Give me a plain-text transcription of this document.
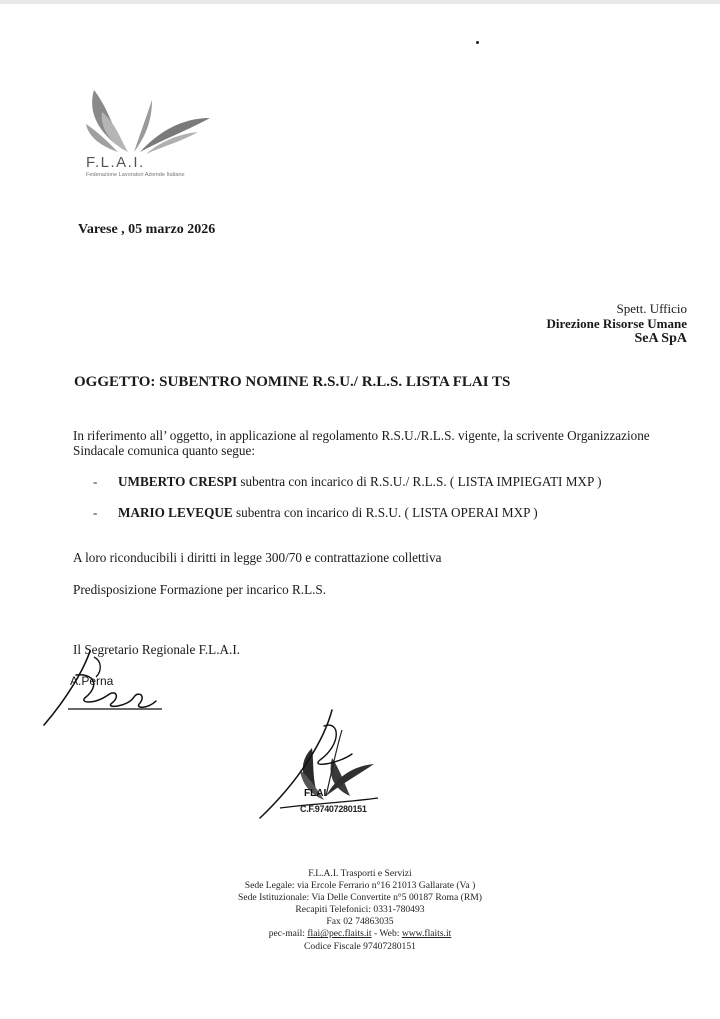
F.L.A.I.
Federazione Lavoratori Aziende Italiane
Varese , 05 marzo 2026
Spett. Ufficio
Direzione Risorse Umane
SeA SpA
OGGETTO: SUBENTRO NOMINE R.S.U./ R.L.S. LISTA FLAI TS
In riferimento all’ oggetto, in applicazione al regolamento R.S.U./R.L.S. vigente, la scrivente Organizzazione
Sindacale comunica quanto segue:
- UMBERTO CRESPI subentra con incarico di R.S.U./ R.L.S. ( LISTA IMPIEGATI MXP )
- MARIO LEVEQUE subentra con incarico di R.S.U. ( LISTA OPERAI MXP )
A loro riconducibili i diritti in legge 300/70 e contrattazione collettiva
Predisposizione Formazione per incarico R.L.S.
Il Segretario Regionale F.L.A.I.
A.Perna
FLAI
C.F.97407280151
F.L.A.I. Trasporti e Servizi
Sede Legale: via Ercole Ferrario n°16 21013 Gallarate (Va )
Sede Istituzionale: Via Delle Convertite n°5 00187 Roma (RM)
Recapiti Telefonici: 0331-780493
Fax 02 74863035
pec-mail: flai@pec.flaits.it - Web: www.flaits.it
Codice Fiscale 97407280151
